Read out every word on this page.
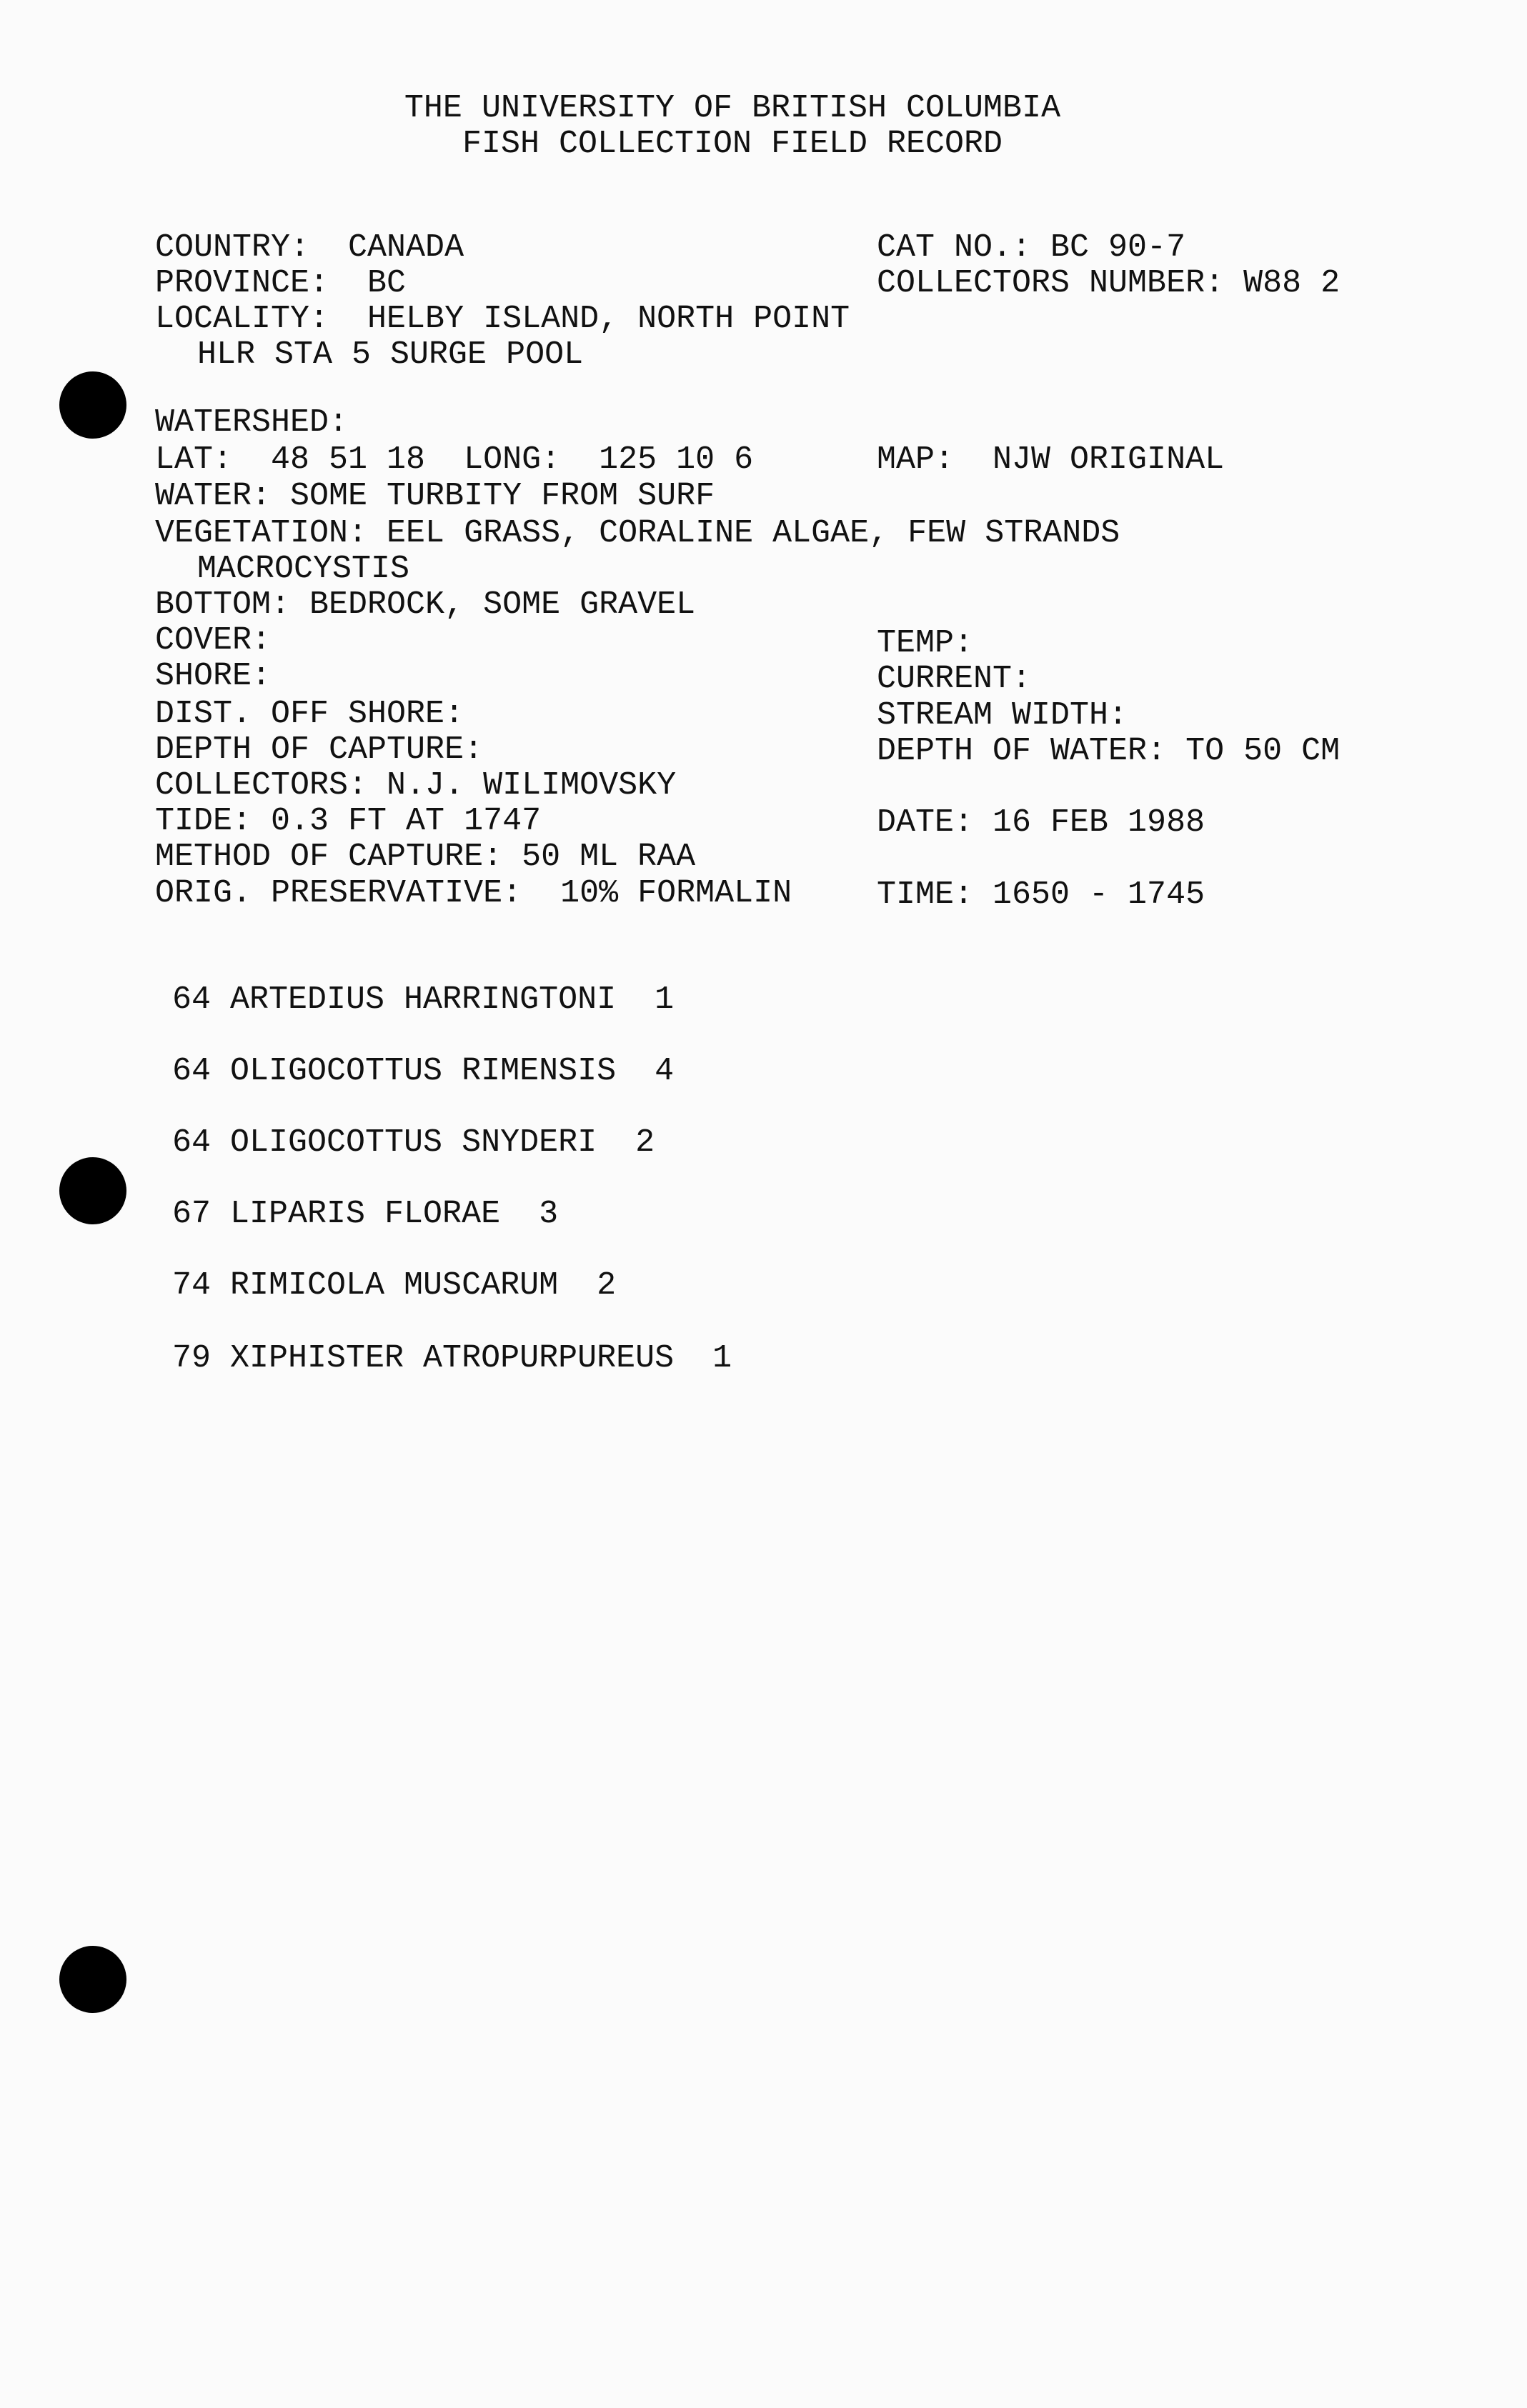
THE UNIVERSITY OF BRITISH COLUMBIA
FISH COLLECTION FIELD RECORD
COUNTRY:  CANADA	CAT NO.: BC 90-7
PROVINCE:  BC	COLLECTORS NUMBER: W88 2
LOCALITY:  HELBY ISLAND, NORTH POINT
HLR STA 5 SURGE POOL
WATERSHED:
LAT:  48 51 18  LONG:  125 10 6	MAP:  NJW ORIGINAL
WATER: SOME TURBITY FROM SURF
VEGETATION: EEL GRASS, CORALINE ALGAE, FEW STRANDS
MACROCYSTIS
BOTTOM: BEDROCK, SOME GRAVEL
COVER:	TEMP:
SHORE:	CURRENT:
DIST. OFF SHORE:	STREAM WIDTH:
DEPTH OF CAPTURE:	DEPTH OF WATER: TO 50 CM
COLLECTORS: N.J. WILIMOVSKY
TIDE: 0.3 FT AT 1747	DATE: 16 FEB 1988
METHOD OF CAPTURE: 50 ML RAA
ORIG. PRESERVATIVE:  10% FORMALIN	TIME: 1650 - 1745
64 ARTEDIUS HARRINGTONI  1
64 OLIGOCOTTUS RIMENSIS  4
64 OLIGOCOTTUS SNYDERI  2
67 LIPARIS FLORAE  3
74 RIMICOLA MUSCARUM  2
79 XIPHISTER ATROPURPUREUS  1
